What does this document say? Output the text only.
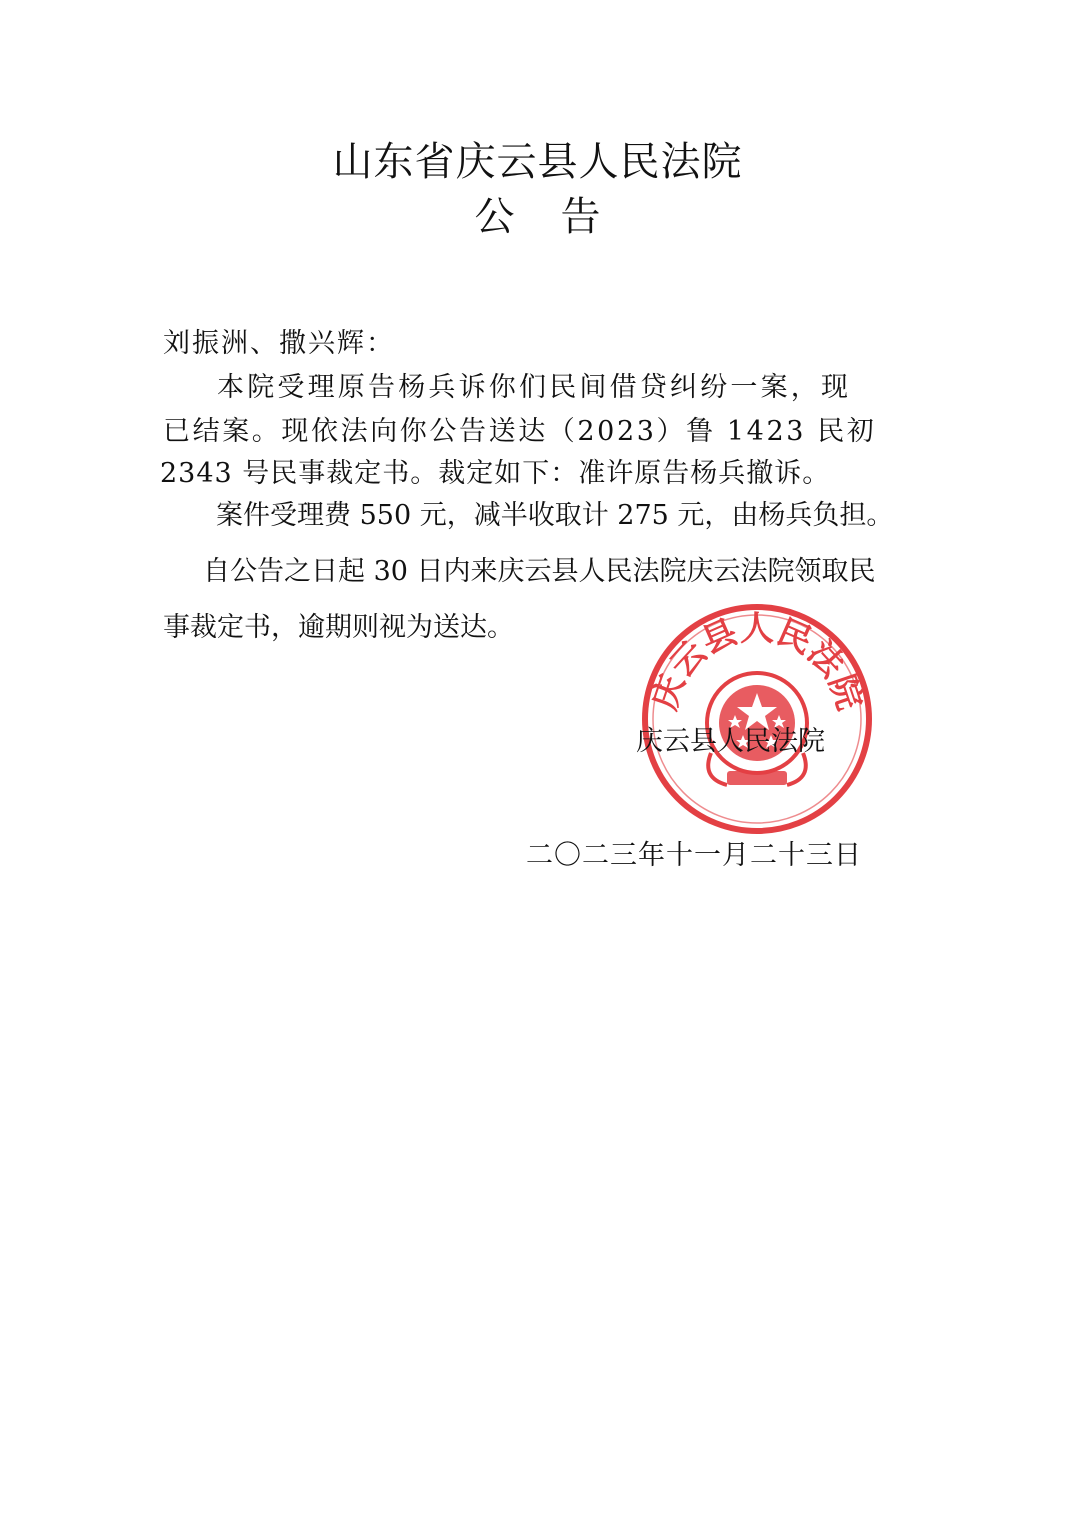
山东省庆云县人民法院
公告
刘振洲、撒兴辉：
本院受理原告杨兵诉你们民间借贷纠纷一案，现
已结案。现依法向你公告送达（2023）鲁 1423 民初
2343 号民事裁定书。裁定如下：准许原告杨兵撤诉。
案件受理费 550 元，减半收取计 275 元，由杨兵负担。
自公告之日起 30 日内来庆云县人民法院庆云法院领取民
事裁定书，逾期则视为送达。
庆云县人民法院
庆云县人民法院
二〇二三年十一月二十三日
